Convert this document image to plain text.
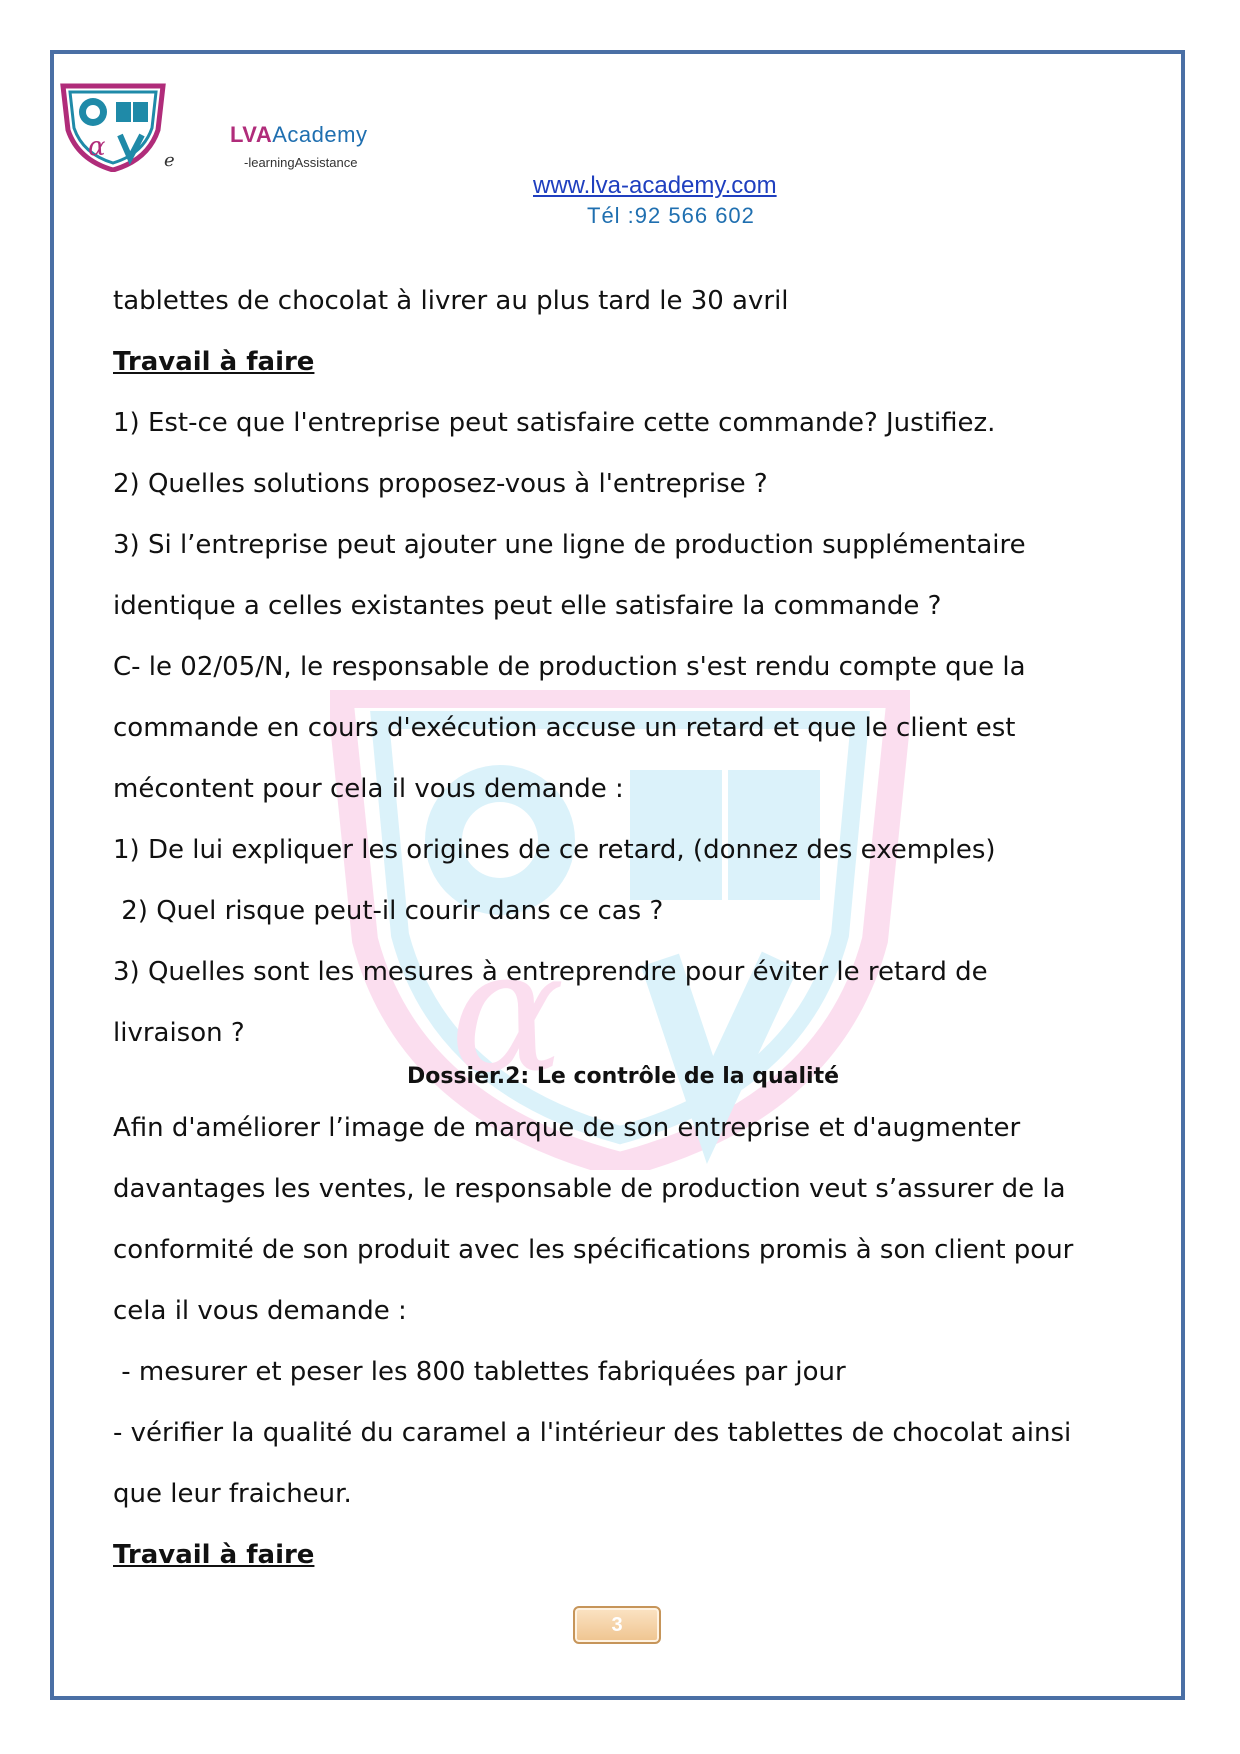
α	e
LVAAcademy
-learningAssistance
www.lva-academy.com
Tél :92 566 602
α
tablettes de chocolat à livrer au plus tard le 30 avril
Travail à faire
1) Est-ce que l'entreprise peut satisfaire cette commande? Justifiez.
2) Quelles solutions proposez-vous à l'entreprise ?
3) Si l’entreprise peut ajouter une ligne de production supplémentaire
identique a celles existantes peut elle satisfaire la commande ?
C- le 02/05/N, le responsable de production s'est rendu compte que la
commande en cours d'exécution accuse un retard et que le client est
mécontent pour cela il vous demande :
1) De lui expliquer les origines de ce retard, (donnez des exemples)
2) Quel risque peut-il courir dans ce cas ?
3) Quelles sont les mesures à entreprendre pour éviter le retard de
livraison ?
Dossier.2: Le contrôle de la qualité
Afin d'améliorer l’image de marque de son entreprise et d'augmenter
davantages les ventes, le responsable de production veut s’assurer de la
conformité de son produit avec les spécifications promis à son client pour
cela il vous demande :
- mesurer et peser les 800 tablettes fabriquées par jour
- vérifier la qualité du caramel a l'intérieur des tablettes de chocolat ainsi
que leur fraicheur.
Travail à faire
3
